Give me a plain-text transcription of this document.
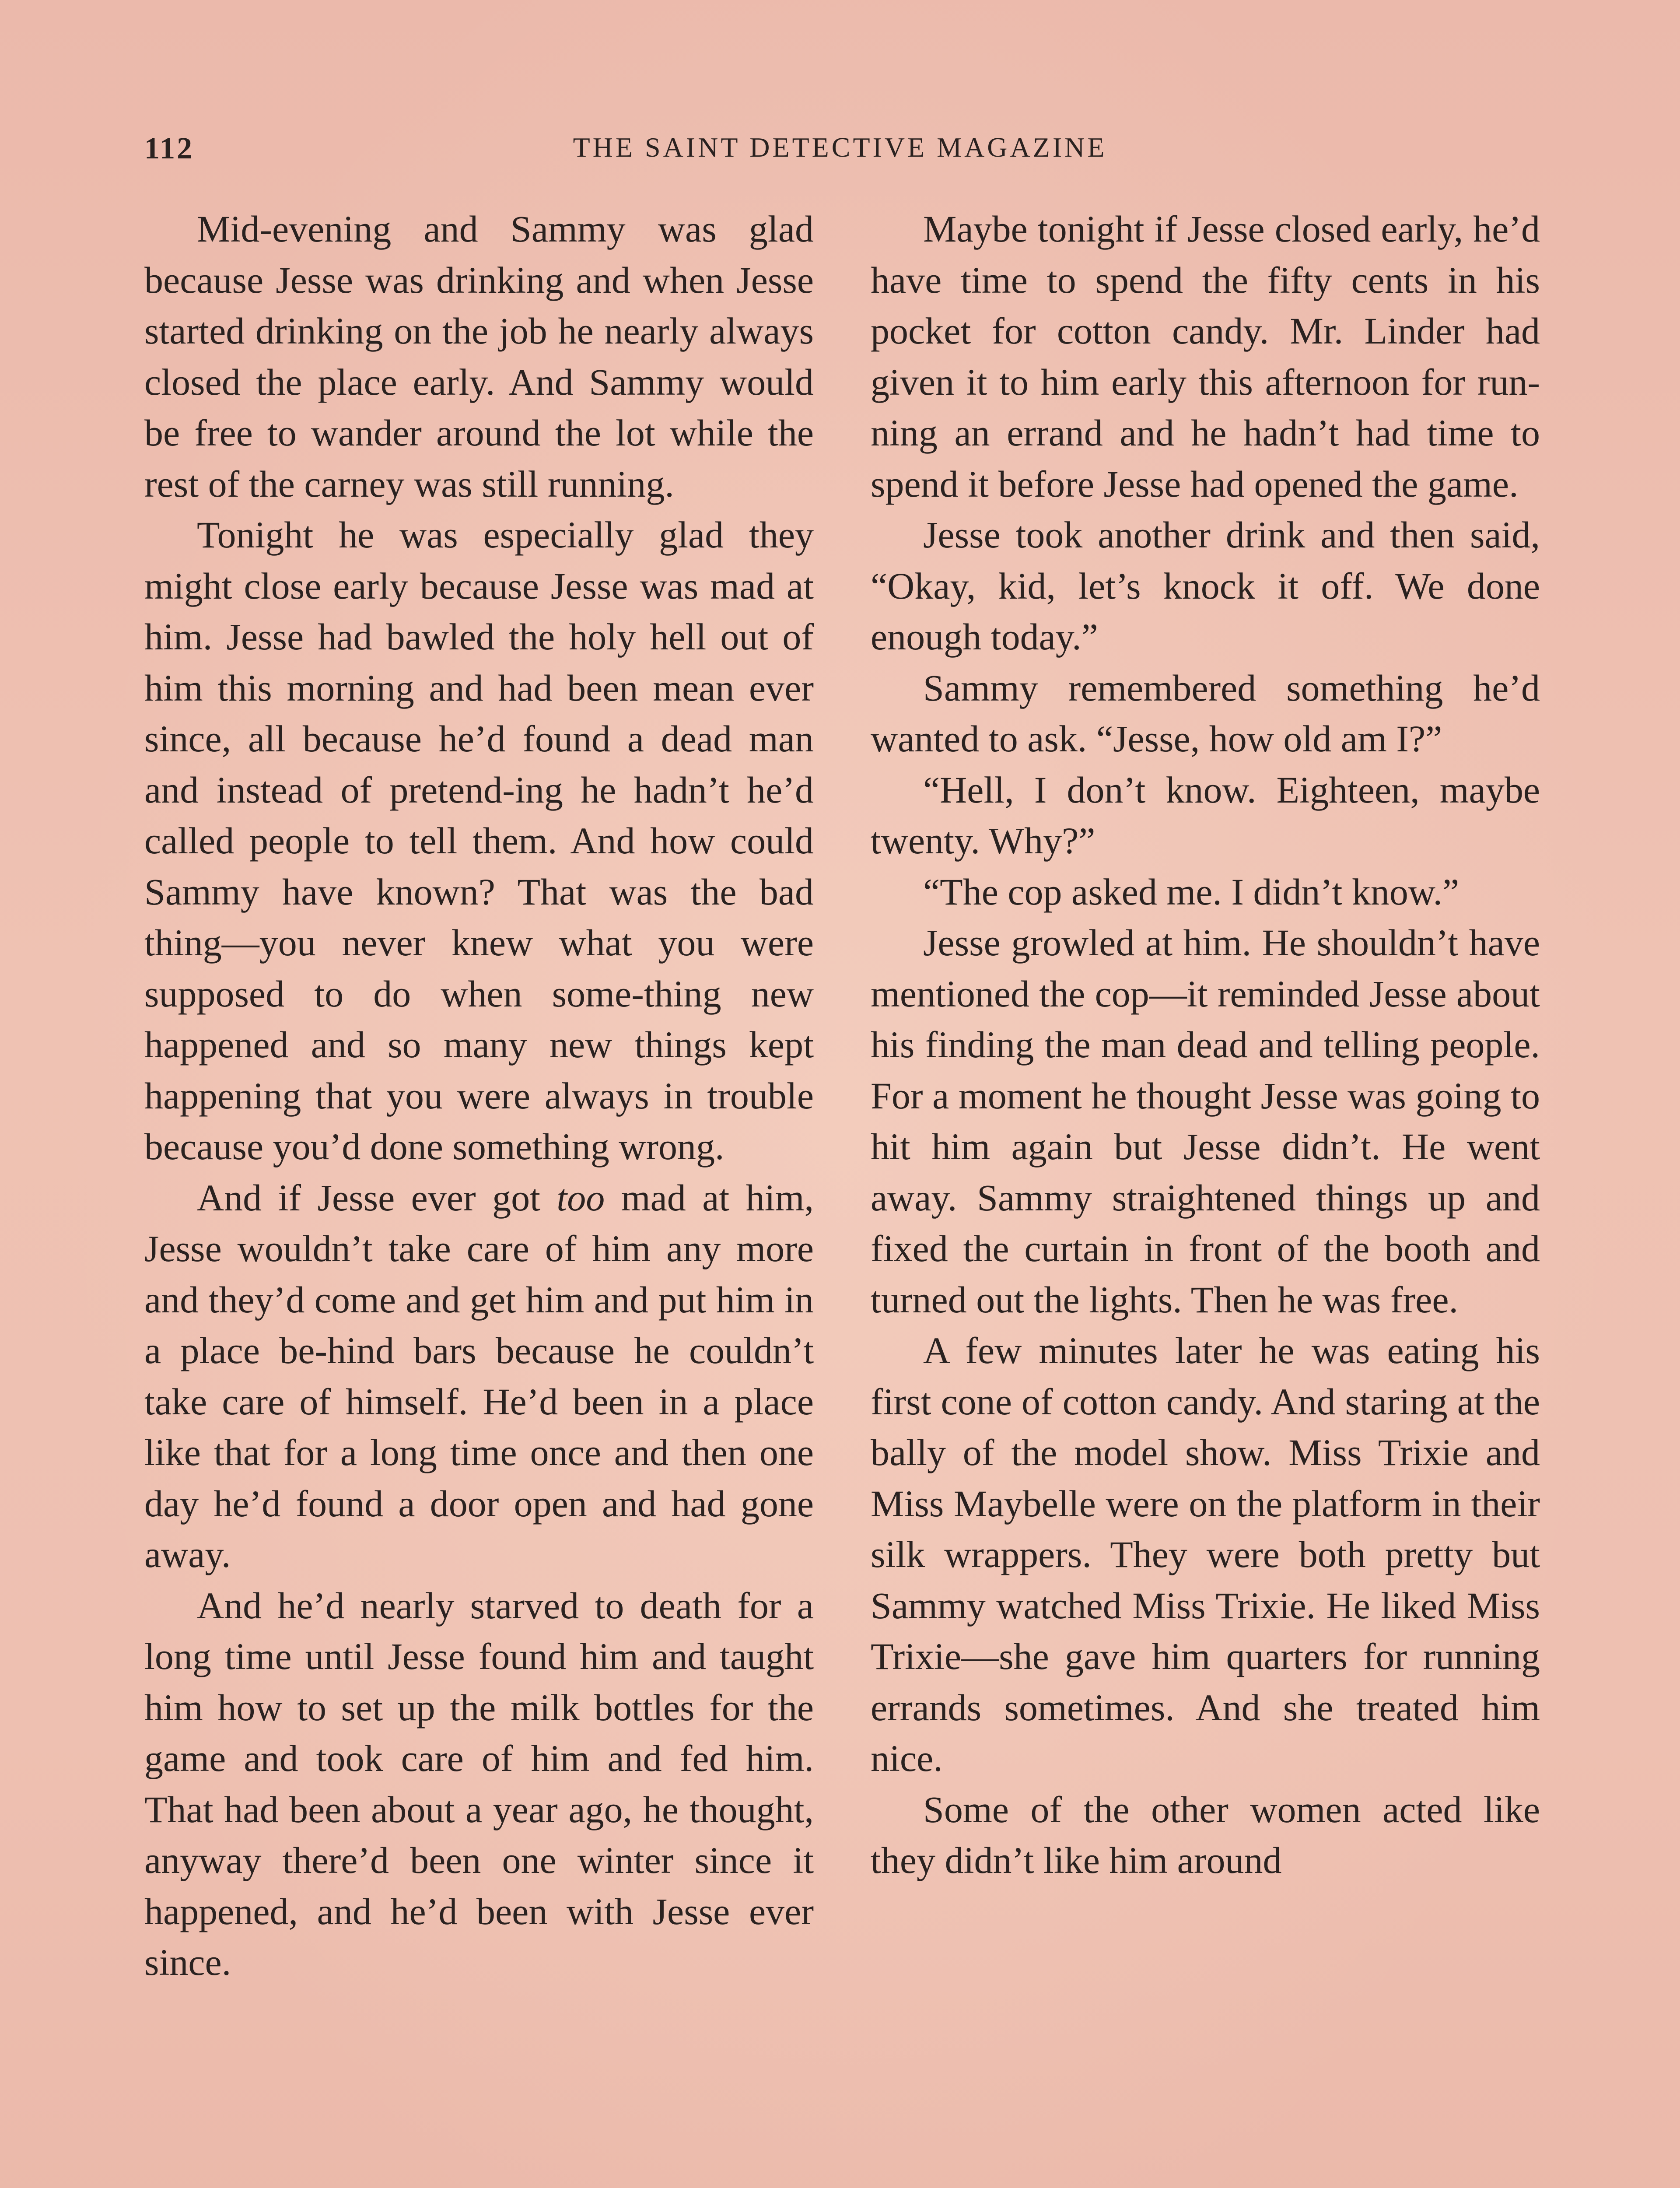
112	THE SAINT DETECTIVE MAGAZINE

Mid-evening and Sammy was glad because Jesse was drinking and when Jesse started drinking on the job he nearly always closed the place early. And Sammy would be free to wander around the lot while the rest of the carney was still running.

Tonight he was especially glad they might close early because Jesse was mad at him. Jesse had bawled the holy hell out of him this morning and had been mean ever since, all because he’d found a dead man and instead of pretend-ing he hadn’t he’d called people to tell them. And how could Sammy have known? That was the bad thing—you never knew what you were supposed to do when some-thing new happened and so many new things kept happening that you were always in trouble because you’d done something wrong.

And if Jesse ever got too mad at him, Jesse wouldn’t take care of him any more and they’d come and get him and put him in a place be-hind bars because he couldn’t take care of himself. He’d been in a place like that for a long time once and then one day he’d found a door open and had gone away.

And he’d nearly starved to death for a long time until Jesse found him and taught him how to set up the milk bottles for the game and took care of him and fed him. That had been about a year ago, he thought, anyway there’d been one winter since it happened, and he’d been with Jesse ever since.

Maybe tonight if Jesse closed early, he’d have time to spend the fifty cents in his pocket for cotton candy. Mr. Linder had given it to him early this afternoon for run-ning an errand and he hadn’t had time to spend it before Jesse had opened the game.

Jesse took another drink and then said, “Okay, kid, let’s knock it off. We done enough today.”

Sammy remembered something he’d wanted to ask. “Jesse, how old am I?”

“Hell, I don’t know. Eighteen, maybe twenty. Why?”

“The cop asked me. I didn’t know.”

Jesse growled at him. He shouldn’t have mentioned the cop—it reminded Jesse about his finding the man dead and telling people. For a moment he thought Jesse was going to hit him again but Jesse didn’t. He went away. Sammy straightened things up and fixed the curtain in front of the booth and turned out the lights. Then he was free.

A few minutes later he was eating his first cone of cotton candy. And staring at the bally of the model show. Miss Trixie and Miss Maybelle were on the platform in their silk wrappers. They were both pretty but Sammy watched Miss Trixie. He liked Miss Trixie—she gave him quarters for running errands sometimes. And she treated him nice.

Some of the other women acted like they didn’t like him around
